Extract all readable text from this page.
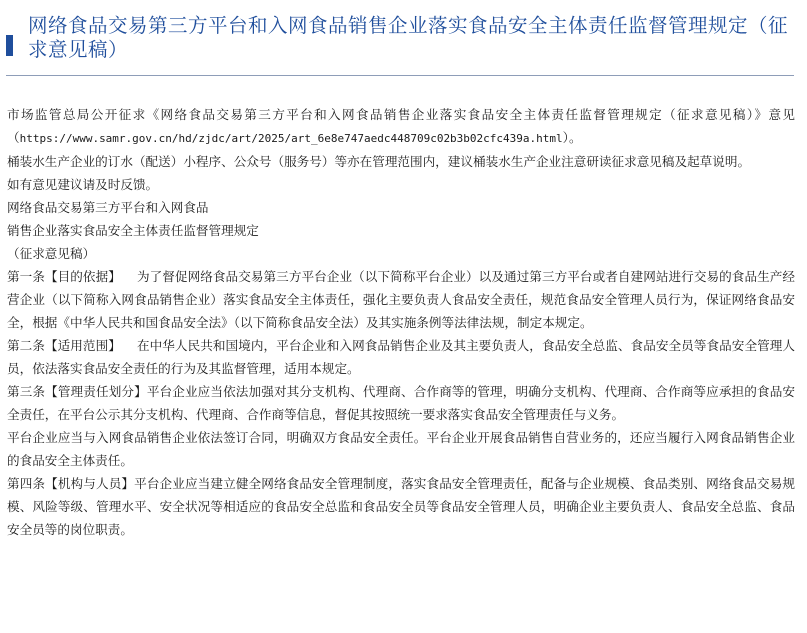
网络食品交易第三方平台和入网食品销售企业落实食品安全主体责任监督管理规定（征求意见稿）

市场监管总局公开征求《网络食品交易第三方平台和入网食品销售企业落实食品安全主体责任监督管理规定（征求意见稿）》意见（https://www.samr.gov.cn/hd/zjdc/art/2025/art_6e8e747aedc448709c02b3b02cfc439a.html）。

桶装水生产企业的订水（配送）小程序、公众号（服务号）等亦在管理范围内，建议桶装水生产企业注意研读征求意见稿及起草说明。

如有意见建议请及时反馈。

网络食品交易第三方平台和入网食品

销售企业落实食品安全主体责任监督管理规定

（征求意见稿）

第一条【目的依据】 为了督促网络食品交易第三方平台企业（以下简称平台企业）以及通过第三方平台或者自建网站进行交易的食品生产经营企业（以下简称入网食品销售企业）落实食品安全主体责任，强化主要负责人食品安全责任，规范食品安全管理人员行为，保证网络食品安全，根据《中华人民共和国食品安全法》（以下简称食品安全法）及其实施条例等法律法规，制定本规定。

第二条【适用范围】 在中华人民共和国境内，平台企业和入网食品销售企业及其主要负责人，食品安全总监、食品安全员等食品安全管理人员，依法落实食品安全责任的行为及其监督管理，适用本规定。

第三条【管理责任划分】平台企业应当依法加强对其分支机构、代理商、合作商等的管理，明确分支机构、代理商、合作商等应承担的食品安全责任，在平台公示其分支机构、代理商、合作商等信息，督促其按照统一要求落实食品安全管理责任与义务。

平台企业应当与入网食品销售企业依法签订合同，明确双方食品安全责任。平台企业开展食品销售自营业务的，还应当履行入网食品销售企业的食品安全主体责任。

第四条【机构与人员】平台企业应当建立健全网络食品安全管理制度，落实食品安全管理责任，配备与企业规模、食品类别、网络食品交易规模、风险等级、管理水平、安全状况等相适应的食品安全总监和食品安全员等食品安全管理人员，明确企业主要负责人、食品安全总监、食品安全员等的岗位职责。
